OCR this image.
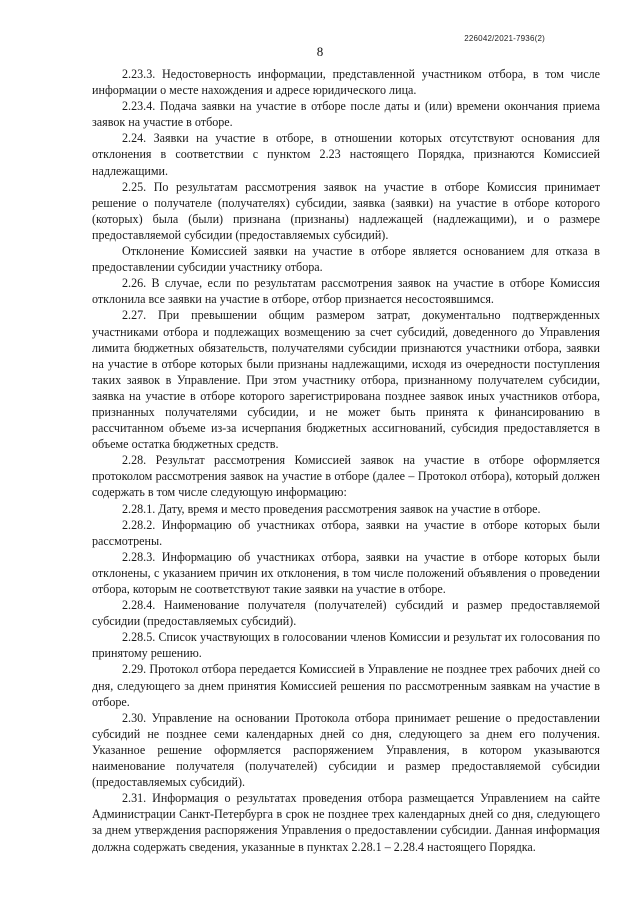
226042/2021-7936(2)
8

2.23.3. Недостоверность информации, представленной участником отбора, в том числе информации о месте нахождения и адресе юридического лица.

2.23.4. Подача заявки на участие в отборе после даты и (или) времени окончания приема заявок на участие в отборе.

2.24. Заявки на участие в отборе, в отношении которых отсутствуют основания для отклонения в соответствии с пунктом 2.23 настоящего Порядка, признаются Комиссией надлежащими.

2.25. По результатам рассмотрения заявок на участие в отборе Комиссия принимает решение о получателе (получателях) субсидии, заявка (заявки) на участие в отборе которого (которых) была (были) признана (признаны) надлежащей (надлежащими), и о размере предоставляемой субсидии (предоставляемых субсидий).

Отклонение Комиссией заявки на участие в отборе является основанием для отказа в предоставлении субсидии участнику отбора.

2.26. В случае, если по результатам рассмотрения заявок на участие в отборе Комиссия отклонила все заявки на участие в отборе, отбор признается несостоявшимся.

2.27. При превышении общим размером затрат, документально подтвержденных участниками отбора и подлежащих возмещению за счет субсидий, доведенного до Управления лимита бюджетных обязательств, получателями субсидии признаются участники отбора, заявки на участие в отборе которых были признаны надлежащими, исходя из очередности поступления таких заявок в Управление. При этом участнику отбора, признанному получателем субсидии, заявка на участие в отборе которого зарегистрирована позднее заявок иных участников отбора, признанных получателями субсидии, и не может быть принята к финансированию в рассчитанном объеме из-за исчерпания бюджетных ассигнований, субсидия предоставляется в объеме остатка бюджетных средств.

2.28. Результат рассмотрения Комиссией заявок на участие в отборе оформляется протоколом рассмотрения заявок на участие в отборе (далее – Протокол отбора), который должен содержать в том числе следующую информацию:

2.28.1. Дату, время и место проведения рассмотрения заявок на участие в отборе.

2.28.2. Информацию об участниках отбора, заявки на участие в отборе которых были рассмотрены.

2.28.3. Информацию об участниках отбора, заявки на участие в отборе которых были отклонены, с указанием причин их отклонения, в том числе положений объявления о проведении отбора, которым не соответствуют такие заявки на участие в отборе.

2.28.4. Наименование получателя (получателей) субсидий и размер предоставляемой субсидии (предоставляемых субсидий).

2.28.5. Список участвующих в голосовании членов Комиссии и результат их голосования по принятому решению.

2.29. Протокол отбора передается Комиссией в Управление не позднее трех рабочих дней со дня, следующего за днем принятия Комиссией решения по рассмотренным заявкам на участие в отборе.

2.30. Управление на основании Протокола отбора принимает решение о предоставлении субсидий не позднее семи календарных дней со дня, следующего за днем его получения. Указанное решение оформляется распоряжением Управления, в котором указываются наименование получателя (получателей) субсидии и размер предоставляемой субсидии (предоставляемых субсидий).

2.31. Информация о результатах проведения отбора размещается Управлением на сайте Администрации Санкт-Петербурга в срок не позднее трех календарных дней со дня, следующего за днем утверждения распоряжения Управления о предоставлении субсидии. Данная информация должна содержать сведения, указанные в пунктах 2.28.1 – 2.28.4 настоящего Порядка.
